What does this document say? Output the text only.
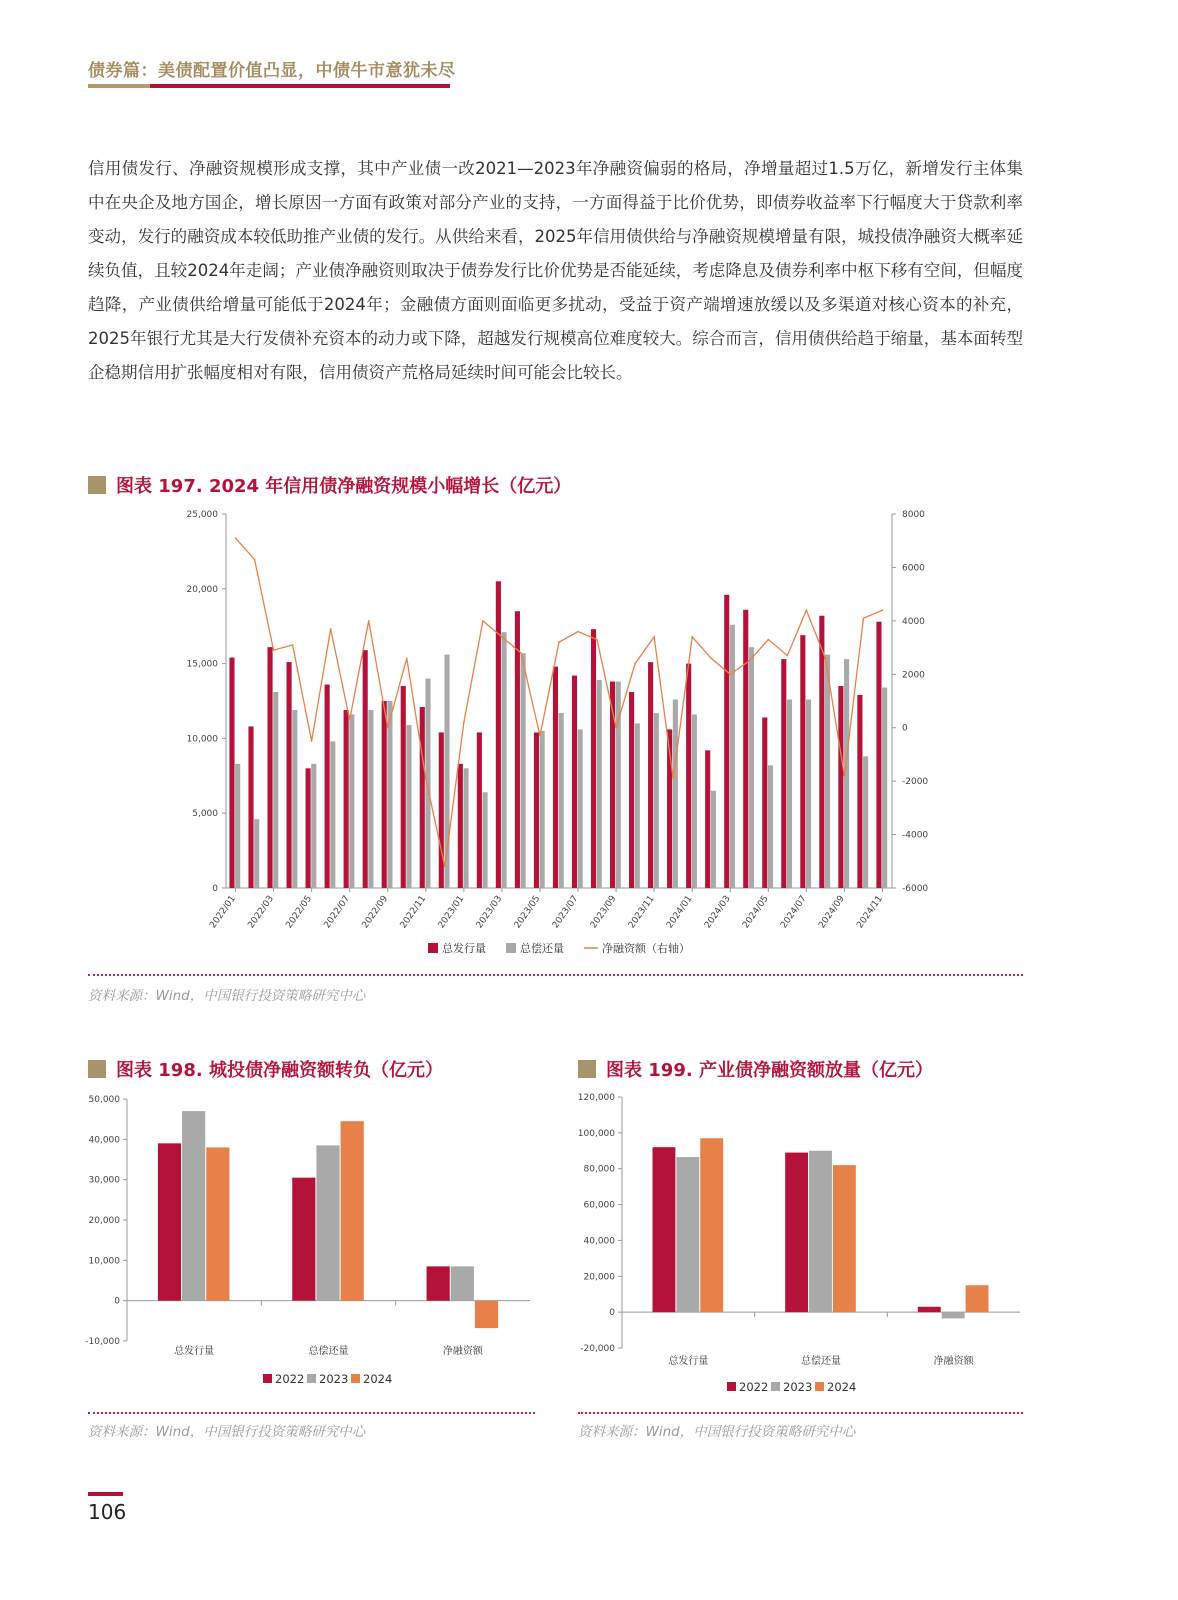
债券篇：美债配置价值凸显，中债牛市意犹未尽
信用债发行、净融资规模形成支撑，其中产业债一改2021—2023年净融资偏弱的格局，净增量超过1.5万亿，新增发行主体集中在央企及地方国企，增长原因一方面有政策对部分产业的支持，一方面得益于比价优势，即债券收益率下行幅度大于贷款利率变动，发行的融资成本较低助推产业债的发行。从供给来看，2025年信用债供给与净融资规模增量有限，城投债净融资大概率延续负值，且较2024年走阔；产业债净融资则取决于债券发行比价优势是否能延续，考虑降息及债券利率中枢下移有空间，但幅度趋降，产业债供给增量可能低于2024年；金融债方面则面临更多扰动，受益于资产端增速放缓以及多渠道对核心资本的补充，2025年银行尤其是大行发债补充资本的动力或下降，超越发行规模高位难度较大。综合而言，信用债供给趋于缩量，基本面转型企稳期信用扩张幅度相对有限，信用债资产荒格局延续时间可能会比较长。
图表 197. 2024 年信用债净融资规模小幅增长（亿元）
0
5,000
10,000
15,000
20,000
25,000
-6000
-4000
-2000
0
2000
4000
6000
8000
2022/01 2022/03 2022/05 2022/07 2022/09 2022/11 2023/01 2023/03 2023/05 2023/07 2023/09 2023/11 2024/01 2024/03 2024/05 2024/07 2024/09 2024/11
总发行量	总偿还量	净融资额（右轴）
资料来源：Wind，中国银行投资策略研究中心
图表 198. 城投债净融资额转负（亿元）
-10,000
0
10,000
20,000
30,000
40,000
50,000
总发行量	总偿还量	净融资额
2022 2023 2024
资料来源：Wind，中国银行投资策略研究中心
图表 199. 产业债净融资额放量（亿元）
-20,000
0
20,000
40,000
60,000
80,000
100,000
120,000
总发行量	总偿还量	净融资额
2022 2023 2024
资料来源：Wind，中国银行投资策略研究中心
106
